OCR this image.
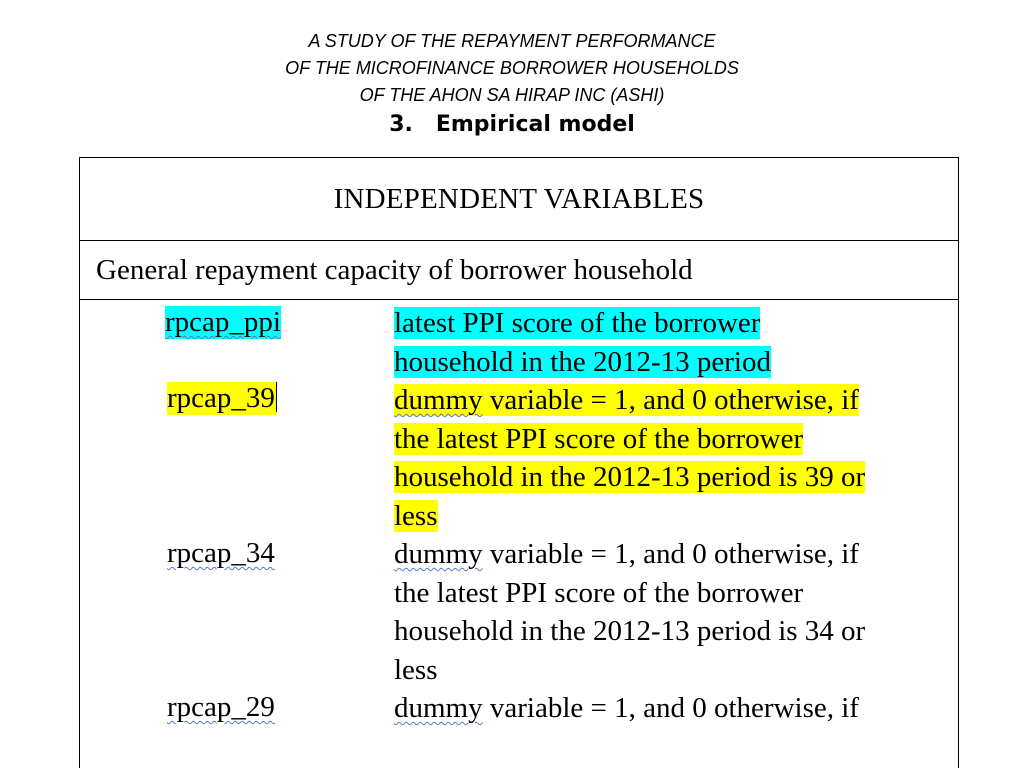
A STUDY OF THE REPAYMENT PERFORMANCE
OF THE MICROFINANCE BORROWER HOUSEHOLDS
OF THE AHON SA HIRAP INC (ASHI)
3.   Empirical model
INDEPENDENT VARIABLES
General repayment capacity of borrower household
rpcap_ppi	latest PPI score of the borrower
household in the 2012-13 period
rpcap_39	dummy variable = 1, and 0 otherwise, if
the latest PPI score of the borrower
household in the 2012-13 period is 39 or
less
rpcap_34	dummy variable = 1, and 0 otherwise, if
the latest PPI score of the borrower
household in the 2012-13 period is 34 or
less
rpcap_29	dummy variable = 1, and 0 otherwise, if
